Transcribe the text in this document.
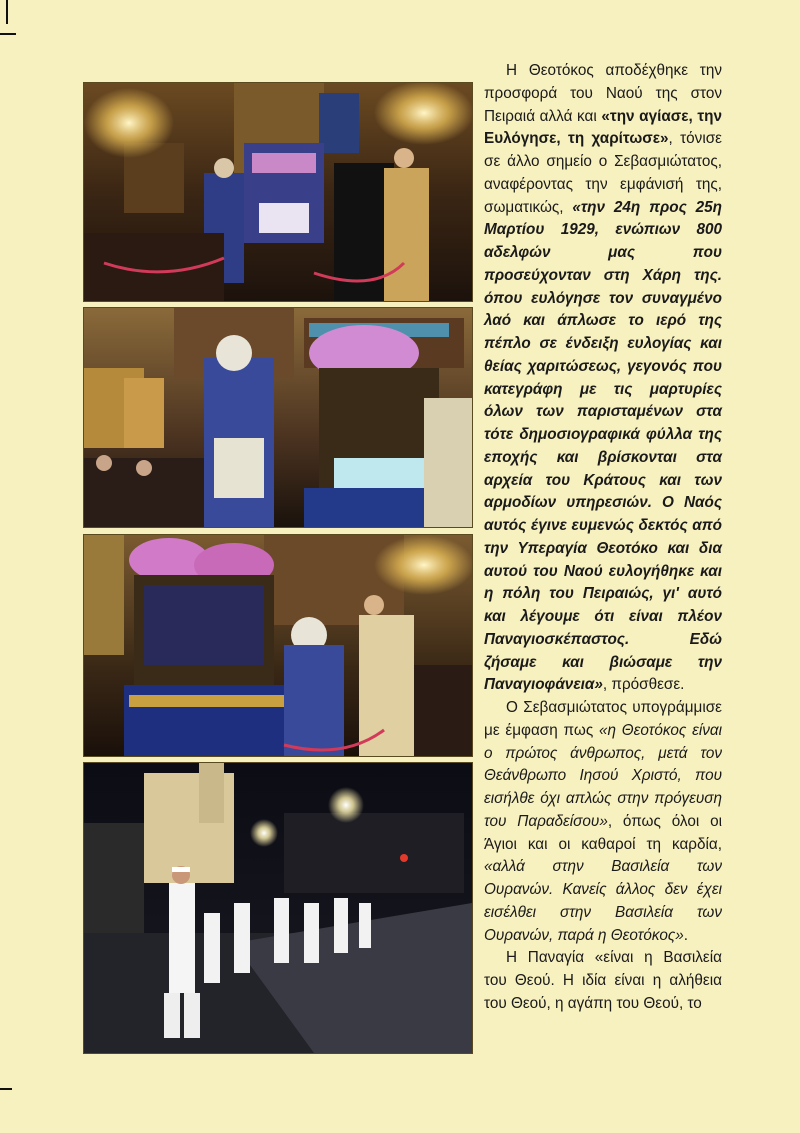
Η Θεοτόκος αποδέχθηκε την προσφορά του Ναού της στον Πειραιά αλλά και «την αγίασε, την Ευλόγησε, τη χαρίτωσε», τόνισε σε άλλο σημείο ο Σεβασμιώτατος, αναφέροντας την εμφάνισή της, σωματικώς, «την 24η προς 25η Μαρτίου 1929, ενώπιων 800 αδελφών μας που προσεύχονταν στη Χάρη της. όπου ευλόγησε τον συναγμένο λαό και άπλωσε το ιερό της πέπλο σε ένδειξη ευλογίας και θείας χαριτώσεως, γεγονός που κατεγράφη με τις μαρτυρίες όλων των παρισταμένων στα τότε δημοσιογραφικά φύλλα της εποχής και βρίσκονται στα αρχεία του Κράτους και των αρμοδίων υπηρεσιών. Ο Ναός αυτός έγινε ευμενώς δεκτός από την Υπεραγία Θεοτόκο και δια αυτού του Ναού ευλογήθηκε και η πόλη του Πειραιώς, γι' αυτό και λέγουμε ότι είναι πλέον Παναγιοσκέπαστος. Εδώ ζήσαμε και βιώσαμε την Παναγιοφάνεια», πρόσθεσε.

Ο Σεβασμιώτατος υπογράμμισε με έμφαση πως «η Θεοτόκος είναι ο πρώτος άνθρωπος, μετά τον Θεάνθρωπο Ιησού Χριστό, που εισήλθε όχι απλώς στην πρόγευση του Παραδείσου», όπως όλοι οι Άγιοι και οι καθαροί τη καρδία, «αλλά στην Βασιλεία των Ουρανών. Κανείς άλλος δεν έχει εισέλθει στην Βασιλεία των Ουρανών, παρά η Θεοτόκος».

Η Παναγία «είναι η Βασιλεία του Θεού. Η ιδία είναι η αλήθεια του Θεού, η αγάπη του Θεού, το
